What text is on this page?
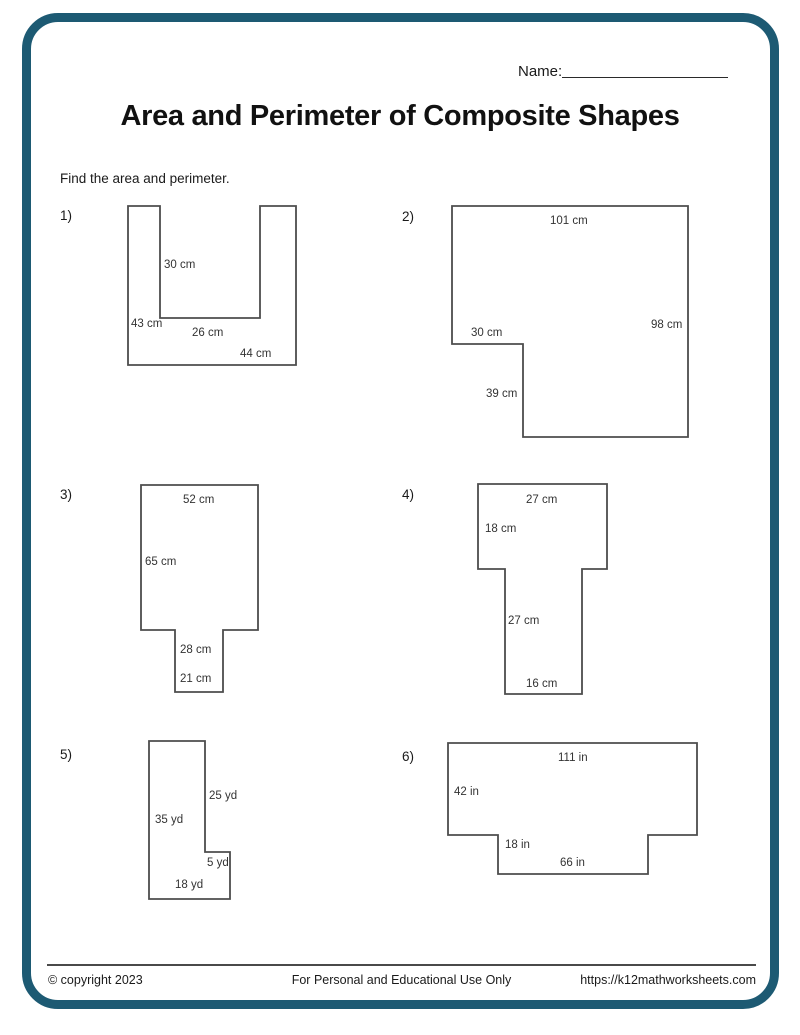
Name:
Area and Perimeter of Composite Shapes
Find the area and perimeter.
1)
30 cm
43 cm
26 cm
44 cm
2)	101 cm
98 cm
30 cm
39 cm
3)	52 cm
65 cm
28 cm
21 cm
4)	27 cm
18 cm
27 cm
16 cm
5)
25 yd
35 yd
5 yd
18 yd
6)	111 in
42 in
18 in
66 in
© copyright 2023	For Personal and Educational Use Only	https://k12mathworksheets.com
